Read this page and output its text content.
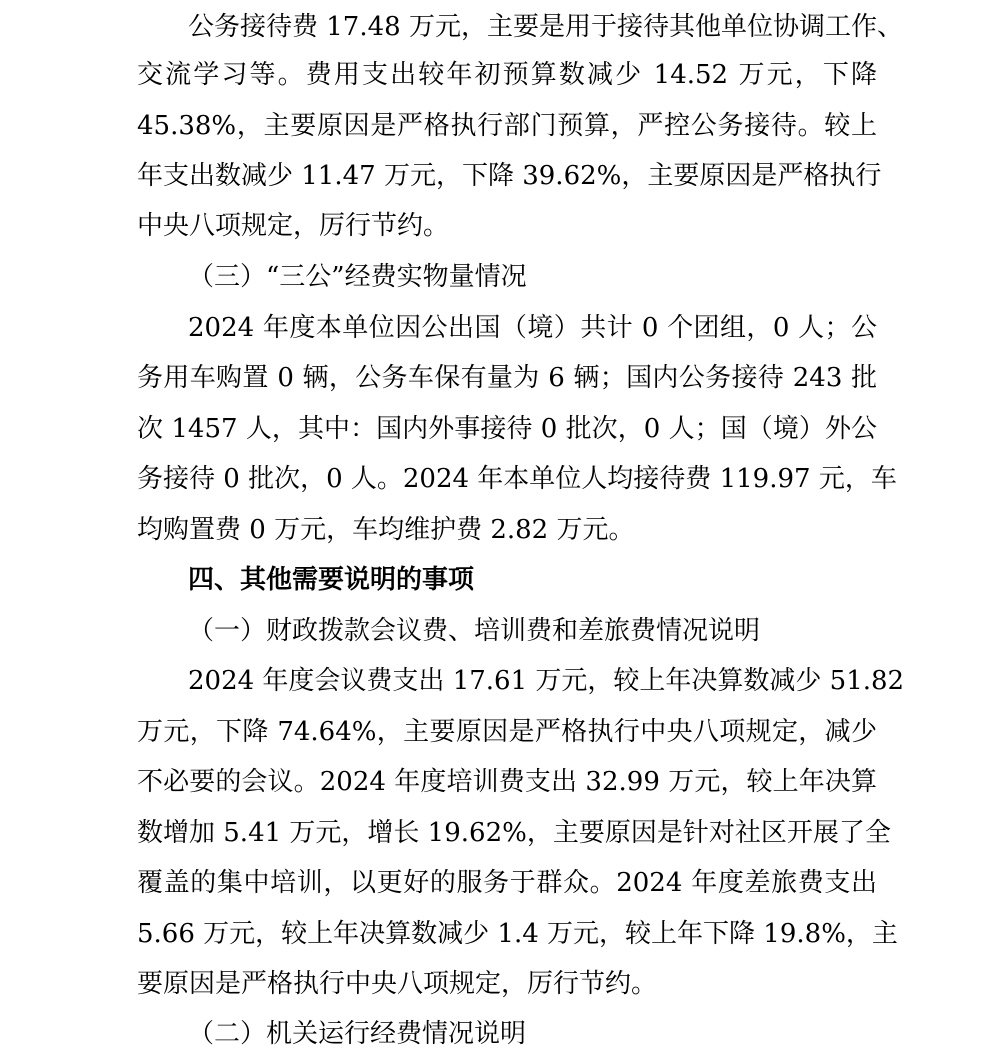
公务接待费 17.48 万元，主要是用于接待其他单位协调工作、
交流学习等。费用支出较年初预算数减少 14.52 万元，下降
45.38%，主要原因是严格执行部门预算，严控公务接待。较上
年支出数减少 11.47 万元，下降 39.62%，主要原因是严格执行
中央八项规定，厉行节约。
（三）“三公”经费实物量情况
2024 年度本单位因公出国（境）共计 0 个团组，0 人；公
务用车购置 0 辆，公务车保有量为 6 辆；国内公务接待 243 批
次 1457 人，其中：国内外事接待 0 批次，0 人；国（境）外公
务接待 0 批次，0 人。2024 年本单位人均接待费 119.97 元，车
均购置费 0 万元，车均维护费 2.82 万元。
四、其他需要说明的事项
（一）财政拨款会议费、培训费和差旅费情况说明
2024 年度会议费支出 17.61 万元，较上年决算数减少 51.82
万元，下降 74.64%，主要原因是严格执行中央八项规定，减少
不必要的会议。2024 年度培训费支出 32.99 万元，较上年决算
数增加 5.41 万元，增长 19.62%，主要原因是针对社区开展了全
覆盖的集中培训，以更好的服务于群众。2024 年度差旅费支出
5.66 万元，较上年决算数减少 1.4 万元，较上年下降 19.8%，主
要原因是严格执行中央八项规定，厉行节约。
（二）机关运行经费情况说明
